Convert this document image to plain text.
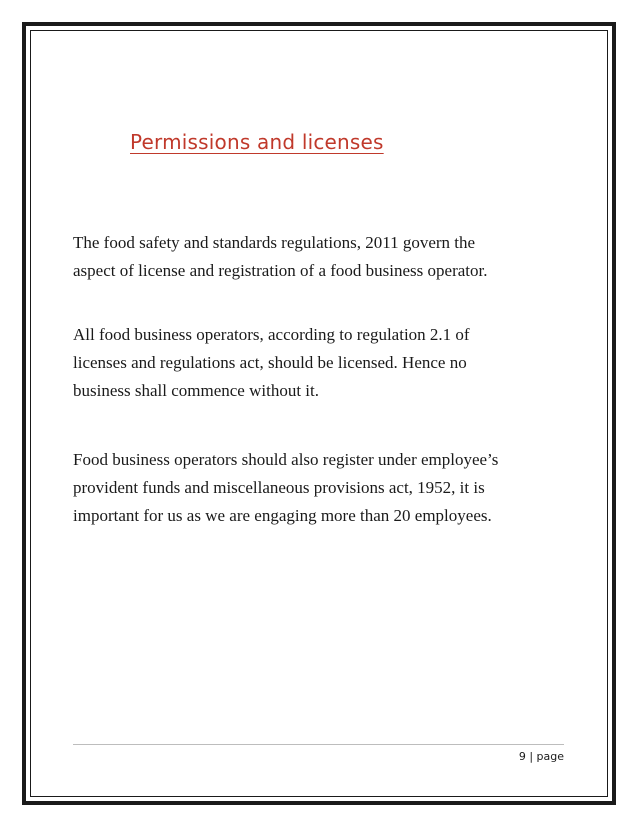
Permissions and licenses
The food safety and standards regulations, 2011 govern the
aspect of license and registration of a food business operator.
All food business operators, according to regulation 2.1 of
licenses and regulations act, should be licensed. Hence no
business shall commence without it.
Food business operators should also register under employee’s
provident funds and miscellaneous provisions act, 1952, it is
important for us as we are engaging more than 20 employees.
9 | page
